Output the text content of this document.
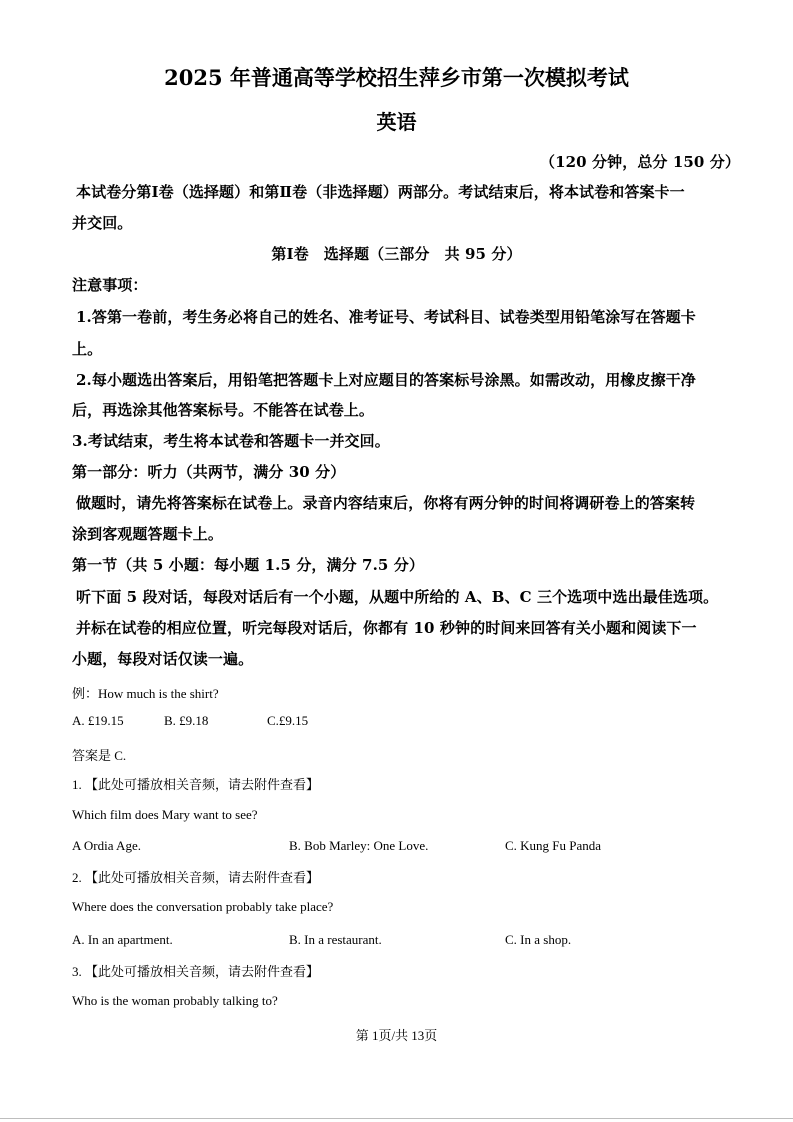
2025 年普通高等学校招生萍乡市第一次模拟考试
英语
（120 分钟，总分 150 分）
本试卷分第Ⅰ卷（选择题）和第Ⅱ卷（非选择题）两部分。考试结束后，将本试卷和答案卡一
并交回。
第Ⅰ卷　选择题（三部分　共 95 分）
注意事项：
1.答第一卷前，考生务必将自己的姓名、准考证号、考试科目、试卷类型用铅笔涂写在答题卡
上。
2.每小题选出答案后，用铅笔把答题卡上对应题目的答案标号涂黑。如需改动，用橡皮擦干净
后，再选涂其他答案标号。不能答在试卷上。
3.考试结束，考生将本试卷和答题卡一并交回。
第一部分：听力（共两节，满分 30 分）
做题时，请先将答案标在试卷上。录音内容结束后，你将有两分钟的时间将调研卷上的答案转
涂到客观题答题卡上。
第一节（共 5 小题：每小题 1.5 分，满分 7.5 分）
听下面 5 段对话，每段对话后有一个小题，从题中所给的 A、B、C 三个选项中选出最佳选项。
并标在试卷的相应位置，听完每段对话后，你都有 10 秒钟的时间来回答有关小题和阅读下一
小题，每段对话仅读一遍。
例：How much is the shirt?
A. £19.15	B. £9.18	C.£9.15
答案是 C.
1. 【此处可播放相关音频，请去附件查看】
Which film does Mary want to see?
A Ordia Age.	B. Bob Marley: One Love.	C. Kung Fu Panda
2. 【此处可播放相关音频，请去附件查看】
Where does the conversation probably take place?
A. In an apartment.	B. In a restaurant.	C. In a shop.
3. 【此处可播放相关音频，请去附件查看】
Who is the woman probably talking to?
第 1页/共 13页
